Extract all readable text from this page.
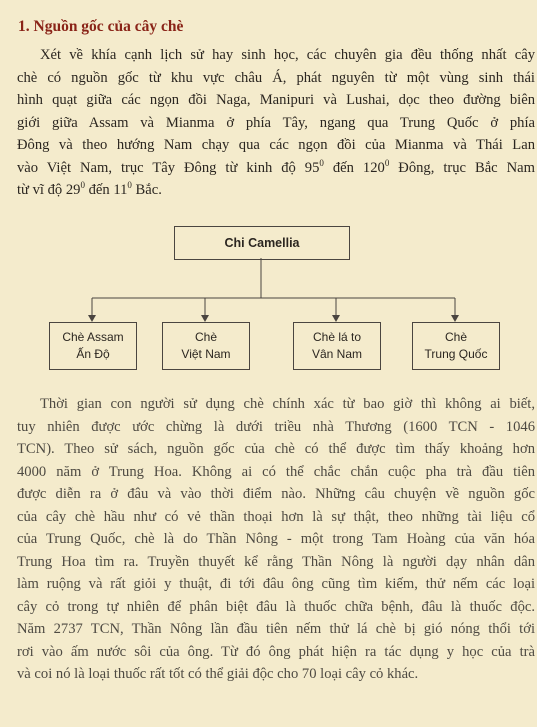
1. Nguồn gốc của cây chè
Xét về khía cạnh lịch sử hay sinh học, các chuyên gia đều thống nhất cây
chè có nguồn gốc từ khu vực châu Á, phát nguyên từ một vùng sinh thái
hình quạt giữa các ngọn đồi Naga, Manipuri và Lushai, dọc theo đường biên
giới giữa Assam và Mianma ở phía Tây, ngang qua Trung Quốc ở phía
Đông và theo hướng Nam chạy qua các ngọn đồi của Mianma và Thái Lan
vào Việt Nam, trục Tây Đông từ kinh độ $95^0$ đến $120^0$ Đông, trục Bắc Nam
từ vĩ độ $29^0$ đến $11^0$ Bắc.
Chi Camellia
Chè Assam
Ấn Độ
Chè
Việt Nam
Chè lá to
Vân Nam
Chè
Trung Quốc
Thời gian con người sử dụng chè chính xác từ bao giờ thì không ai biết,
tuy nhiên được ước chừng là dưới triều nhà Thương (1600 TCN - 1046
TCN). Theo sử sách, nguồn gốc của chè có thể được tìm thấy khoảng hơn
4000 năm ở Trung Hoa. Không ai có thể chắc chắn cuộc pha trà đầu tiên
được diễn ra ở đâu và vào thời điểm nào. Những câu chuyện về nguồn gốc
của cây chè hầu như có vẻ thần thoại hơn là sự thật, theo những tài liệu cổ
của Trung Quốc, chè là do Thần Nông - một trong Tam Hoàng của văn hóa
Trung Hoa tìm ra. Truyền thuyết kể rằng Thần Nông là người dạy nhân dân
làm ruộng và rất giỏi y thuật, đi tới đâu ông cũng tìm kiếm, thử nếm các loại
cây cỏ trong tự nhiên để phân biệt đâu là thuốc chữa bệnh, đâu là thuốc độc.
Năm 2737 TCN, Thần Nông lần đầu tiên nếm thử lá chè bị gió nóng thổi tới
rơi vào ấm nước sôi của ông. Từ đó ông phát hiện ra tác dụng y học của trà
và coi nó là loại thuốc rất tốt có thể giải độc cho 70 loại cây cỏ khác.
